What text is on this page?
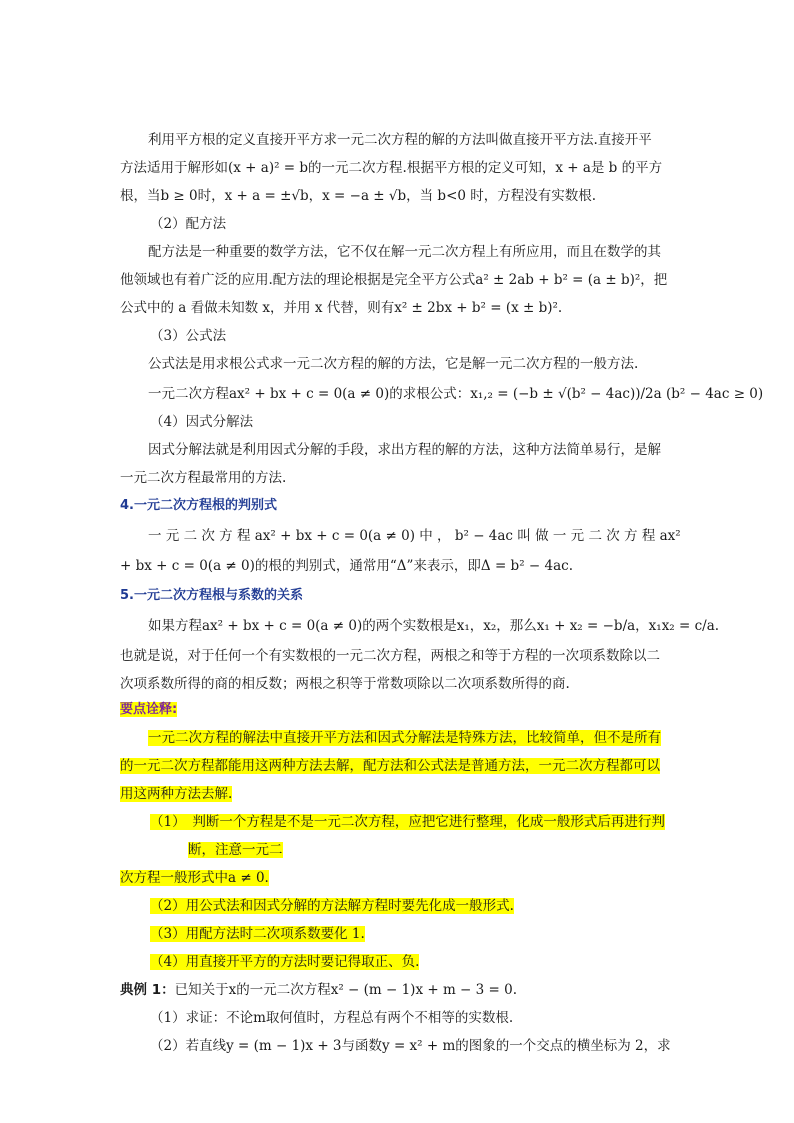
利用平方根的定义直接开平方求一元二次方程的解的方法叫做直接开平方法.直接开平
方法适用于解形如(x + a)² = b的一元二次方程.根据平方根的定义可知，x + a是 b 的平方
根，当b ≥ 0时，x + a = ±√b，x = −a ± √b，当 b<0 时，方程没有实数根.
（2）配方法
配方法是一种重要的数学方法，它不仅在解一元二次方程上有所应用，而且在数学的其
他领域也有着广泛的应用.配方法的理论根据是完全平方公式a² ± 2ab + b² = (a ± b)²，把
公式中的 a 看做未知数 x，并用 x 代替，则有x² ± 2bx + b² = (x ± b)².
（3）公式法
公式法是用求根公式求一元二次方程的解的方法，它是解一元二次方程的一般方法.
一元二次方程ax² + bx + c = 0(a ≠ 0)的求根公式：x₁,₂ = (−b ± √(b² − 4ac))/2a (b² − 4ac ≥ 0)
（4）因式分解法
因式分解法就是利用因式分解的手段，求出方程的解的方法，这种方法简单易行，是解
一元二次方程最常用的方法.
4.一元二次方程根的判别式
一 元 二 次 方 程 ax² + bx + c = 0(a ≠ 0) 中 ， b² − 4ac 叫 做 一 元 二 次 方 程 ax²
+ bx + c = 0(a ≠ 0)的根的判别式，通常用“Δ”来表示，即Δ = b² − 4ac.
5.一元二次方程根与系数的关系
如果方程ax² + bx + c = 0(a ≠ 0)的两个实数根是x₁，x₂，那么x₁ + x₂ = −b/a，x₁x₂ = c/a.
也就是说，对于任何一个有实数根的一元二次方程，两根之和等于方程的一次项系数除以二
次项系数所得的商的相反数；两根之积等于常数项除以二次项系数所得的商.
要点诠释:
一元二次方程的解法中直接开平方法和因式分解法是特殊方法，比较简单，但不是所有
的一元二次方程都能用这两种方法去解，配方法和公式法是普通方法，一元二次方程都可以
用这两种方法去解.
（1）　判断一个方程是不是一元二次方程，应把它进行整理，化成一般形式后再进行判
断，注意一元二
次方程一般形式中a ≠ 0.
（2）用公式法和因式分解的方法解方程时要先化成一般形式.
（3）用配方法时二次项系数要化 1.
（4）用直接开平方的方法时要记得取正、负.
典例 1：已知关于x的一元二次方程x² − (m − 1)x + m − 3 = 0.
（1）求证：不论m取何值时，方程总有两个不相等的实数根.
（2）若直线y = (m − 1)x + 3与函数y = x² + m的图象的一个交点的横坐标为 2，求
